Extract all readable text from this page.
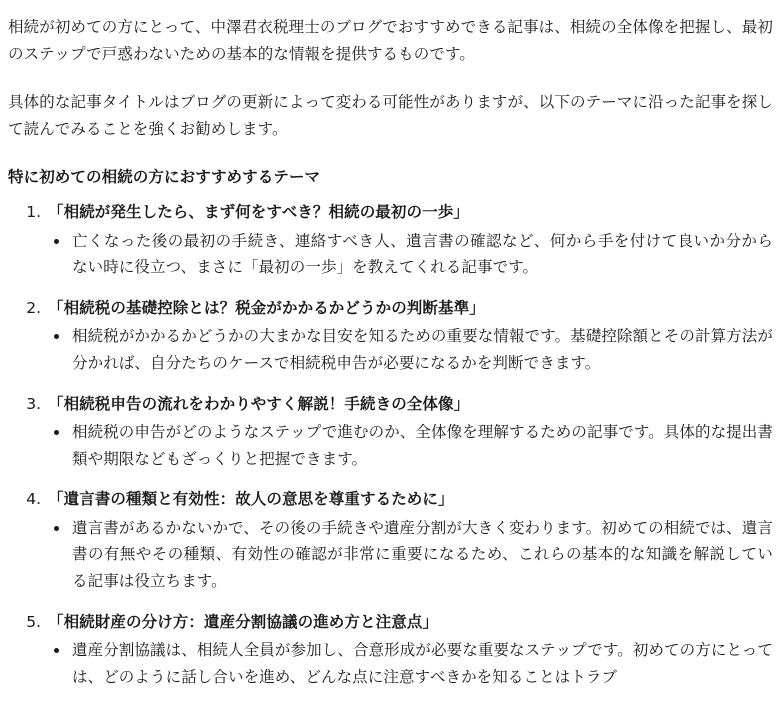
相続が初めての方にとって、中澤君衣税理士のブログでおすすめできる記事は、相続の全体像を把握し、最初のステップで戸惑わないための基本的な情報を提供するものです。

具体的な記事タイトルはブログの更新によって変わる可能性がありますが、以下のテーマに沿った記事を探して読んでみることを強くお勧めします。

特に初めての相続の方におすすめするテーマ
1. 「相続が発生したら、まず何をすべき？相続の最初の一歩」
• 亡くなった後の最初の手続き、連絡すべき人、遺言書の確認など、何から手を付けて良いか分からない時に役立つ、まさに「最初の一歩」を教えてくれる記事です。
2. 「相続税の基礎控除とは？税金がかかるかどうかの判断基準」
• 相続税がかかるかどうかの大まかな目安を知るための重要な情報です。基礎控除額とその計算方法が分かれば、自分たちのケースで相続税申告が必要になるかを判断できます。
3. 「相続税申告の流れをわかりやすく解説！手続きの全体像」
• 相続税の申告がどのようなステップで進むのか、全体像を理解するための記事です。具体的な提出書類や期限などもざっくりと把握できます。
4. 「遺言書の種類と有効性：故人の意思を尊重するために」
• 遺言書があるかないかで、その後の手続きや遺産分割が大きく変わります。初めての相続では、遺言書の有無やその種類、有効性の確認が非常に重要になるため、これらの基本的な知識を解説している記事は役立ちます。
5. 「相続財産の分け方：遺産分割協議の進め方と注意点」
• 遺産分割協議は、相続人全員が参加し、合意形成が必要な重要なステップです。初めての方にとっては、どのように話し合いを進め、どんな点に注意すべきかを知ることはトラブ
